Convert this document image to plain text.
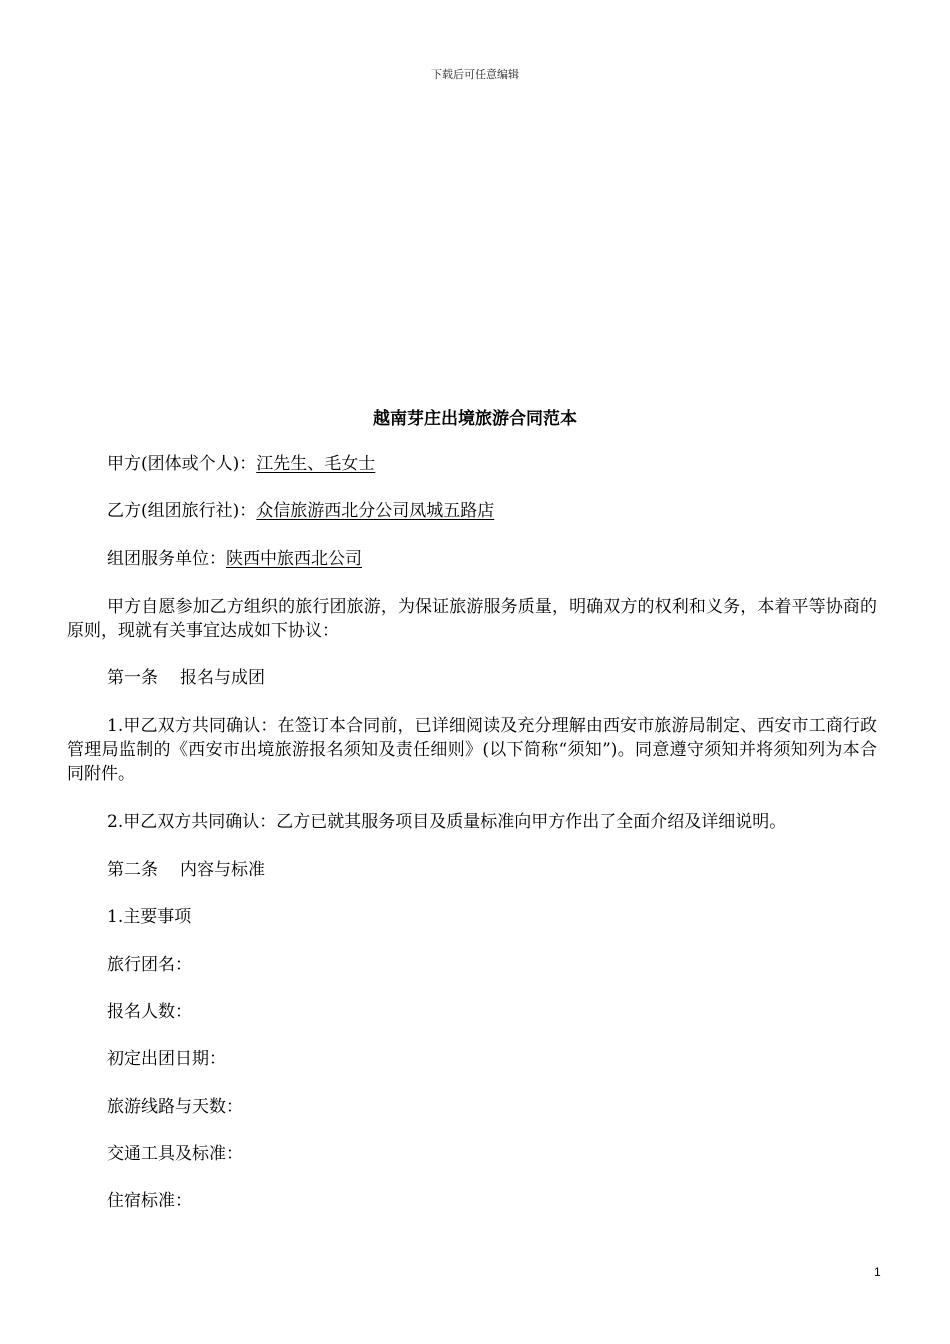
下载后可任意编辑
越南芽庄出境旅游合同范本
甲方(团体或个人)：江先生、毛女士
乙方(组团旅行社)：众信旅游西北分公司凤城五路店
组团服务单位：陕西中旅西北公司
甲方自愿参加乙方组织的旅行团旅游，为保证旅游服务质量，明确双方的权利和义务，本着平等协商的原则，现就有关事宜达成如下协议：
第一条 报名与成团
1.甲乙双方共同确认：在签订本合同前，已详细阅读及充分理解由西安市旅游局制定、西安市工商行政管理局监制的《西安市出境旅游报名须知及责任细则》(以下简称“须知”)。同意遵守须知并将须知列为本合同附件。
2.甲乙双方共同确认：乙方已就其服务项目及质量标准向甲方作出了全面介绍及详细说明。
第二条 内容与标准
1.主要事项
旅行团名：
报名人数：
初定出团日期：
旅游线路与天数：
交通工具及标准：
住宿标准：
1
